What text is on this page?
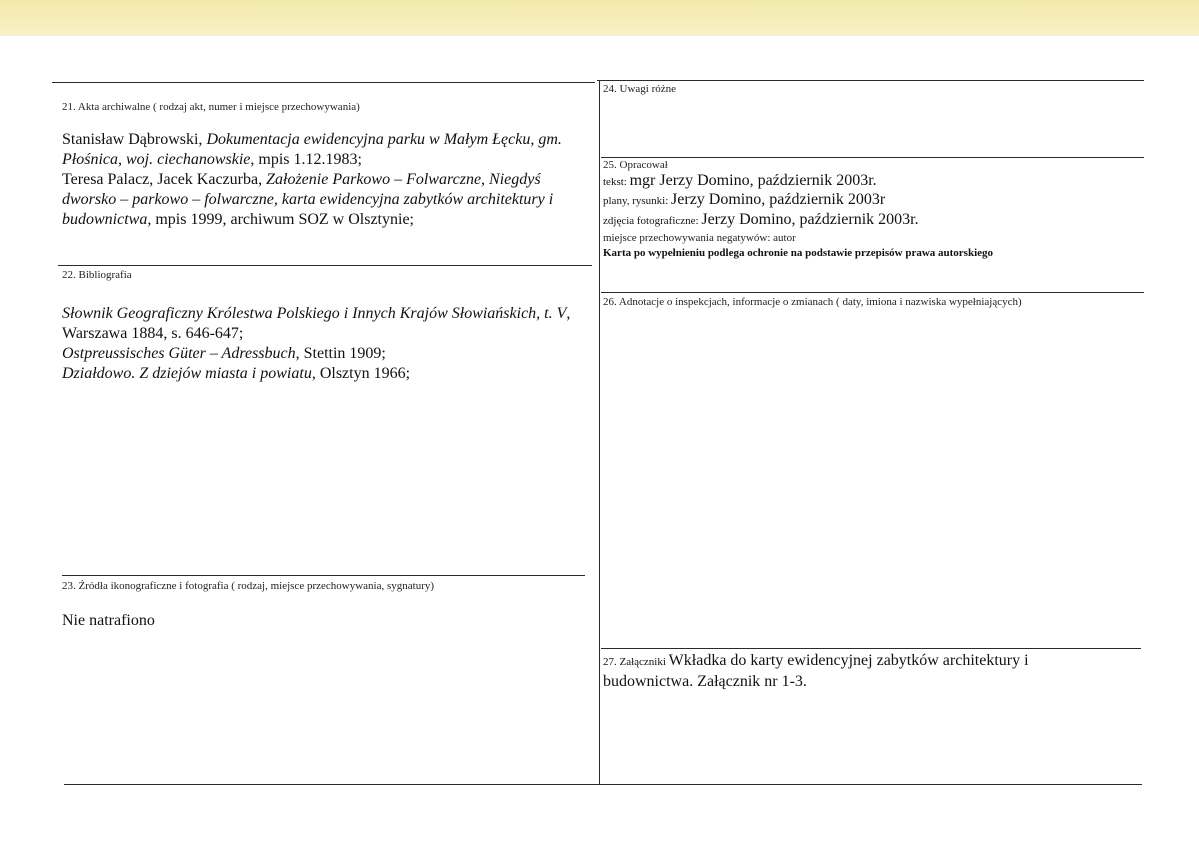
21. Akta archiwalne ( rodzaj akt, numer i miejsce przechowywania)

Stanisław Dąbrowski, Dokumentacja ewidencyjna parku w Małym Łęcku, gm. Płośnica, woj. ciechanowskie, mpis 1.12.1983;
Teresa Palacz, Jacek Kaczurba, Założenie Parkowo – Folwarczne, Niegdyś dworsko – parkowo – folwarczne, karta ewidencyjna zabytków architektury i budownictwa, mpis 1999, archiwum SOZ w Olsztynie;

22. Bibliografia

Słownik Geograficzny Królestwa Polskiego i Innych Krajów Słowiańskich, t. V, Warszawa 1884, s. 646-647;
Ostpreussisches Güter – Adressbuch, Stettin 1909;
Działdowo. Z dziejów miasta i powiatu, Olsztyn 1966;

23. Źródła ikonograficzne i fotografia ( rodzaj, miejsce przechowywania, sygnatury)

Nie natrafiono

24. Uwagi różne

25. Opracował

tekst: mgr Jerzy Domino, październik 2003r.

plany, rysunki: Jerzy Domino, październik 2003r

zdjęcia fotograficzne: Jerzy Domino, październik 2003r.

miejsce przechowywania negatywów: autor

Karta po wypełnieniu podlega ochronie na podstawie przepisów prawa autorskiego

26. Adnotacje o inspekcjach, informacje o zmianach ( daty, imiona i nazwiska wypełniających)

27. Załączniki Wkładka do karty ewidencyjnej zabytków architektury i
budownictwa. Załącznik nr 1-3.
